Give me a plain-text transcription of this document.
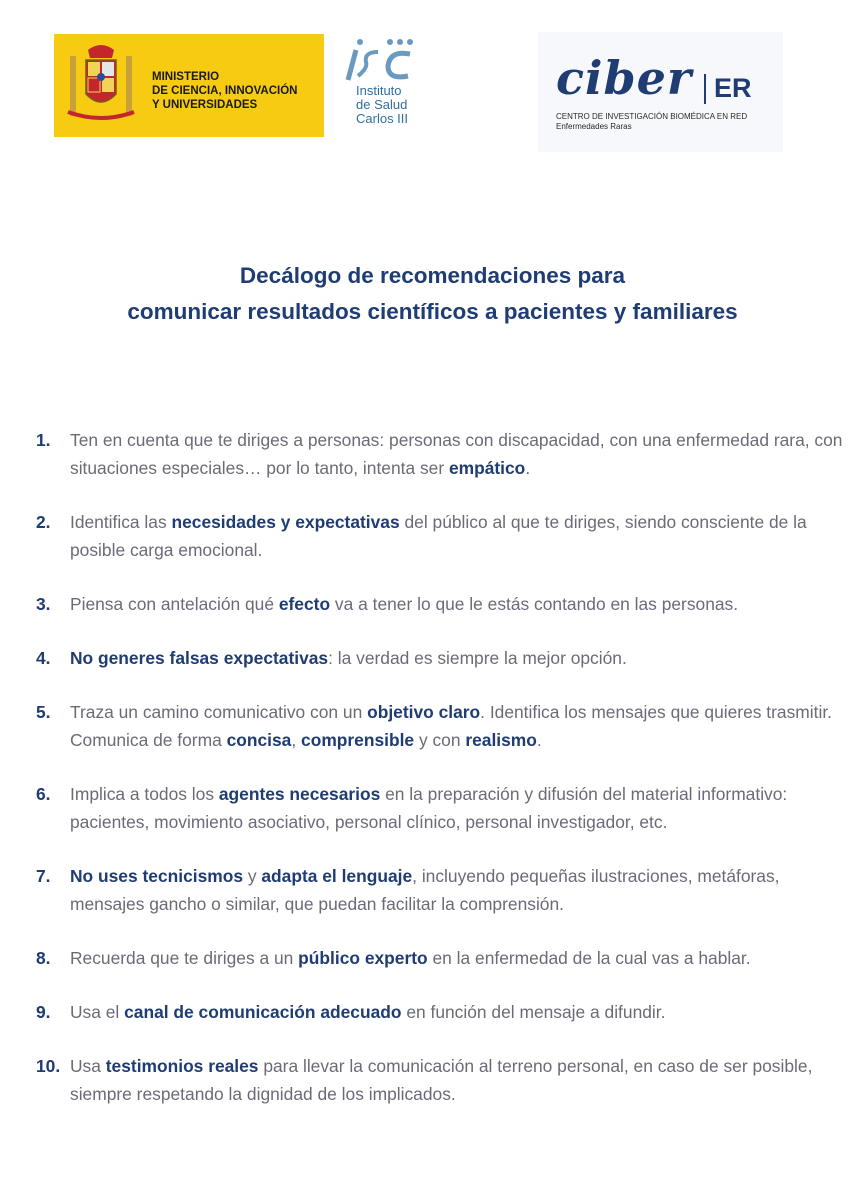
MINISTERIO
DE CIENCIA, INNOVACIÓN
Y UNIVERSIDADES
Instituto
de Salud
Carlos III
ciber ER
CENTRO DE INVESTIGACIÓN BIOMÉDICA EN RED
Enfermedades Raras
Decálogo de recomendaciones para
comunicar resultados científicos a pacientes y familiares
1. Ten en cuenta que te diriges a personas: personas con discapacidad, con una enfermedad rara, con situaciones especiales… por lo tanto, intenta ser empático.
2. Identifica las necesidades y expectativas del público al que te diriges, siendo consciente de la posible carga emocional.
3. Piensa con antelación qué efecto va a tener lo que le estás contando en las personas.
4. No generes falsas expectativas: la verdad es siempre la mejor opción.
5. Traza un camino comunicativo con un objetivo claro. Identifica los mensajes que quieres trasmitir. Comunica de forma concisa, comprensible y con realismo.
6. Implica a todos los agentes necesarios en la preparación y difusión del material informativo: pacientes, movimiento asociativo, personal clínico, personal investigador, etc.
7. No uses tecnicismos y adapta el lenguaje, incluyendo pequeñas ilustraciones, metáforas, mensajes gancho o similar, que puedan facilitar la comprensión.
8. Recuerda que te diriges a un público experto en la enfermedad de la cual vas a hablar.
9. Usa el canal de comunicación adecuado en función del mensaje a difundir.
10. Usa testimonios reales para llevar la comunicación al terreno personal, en caso de ser posible, siempre respetando la dignidad de los implicados.
